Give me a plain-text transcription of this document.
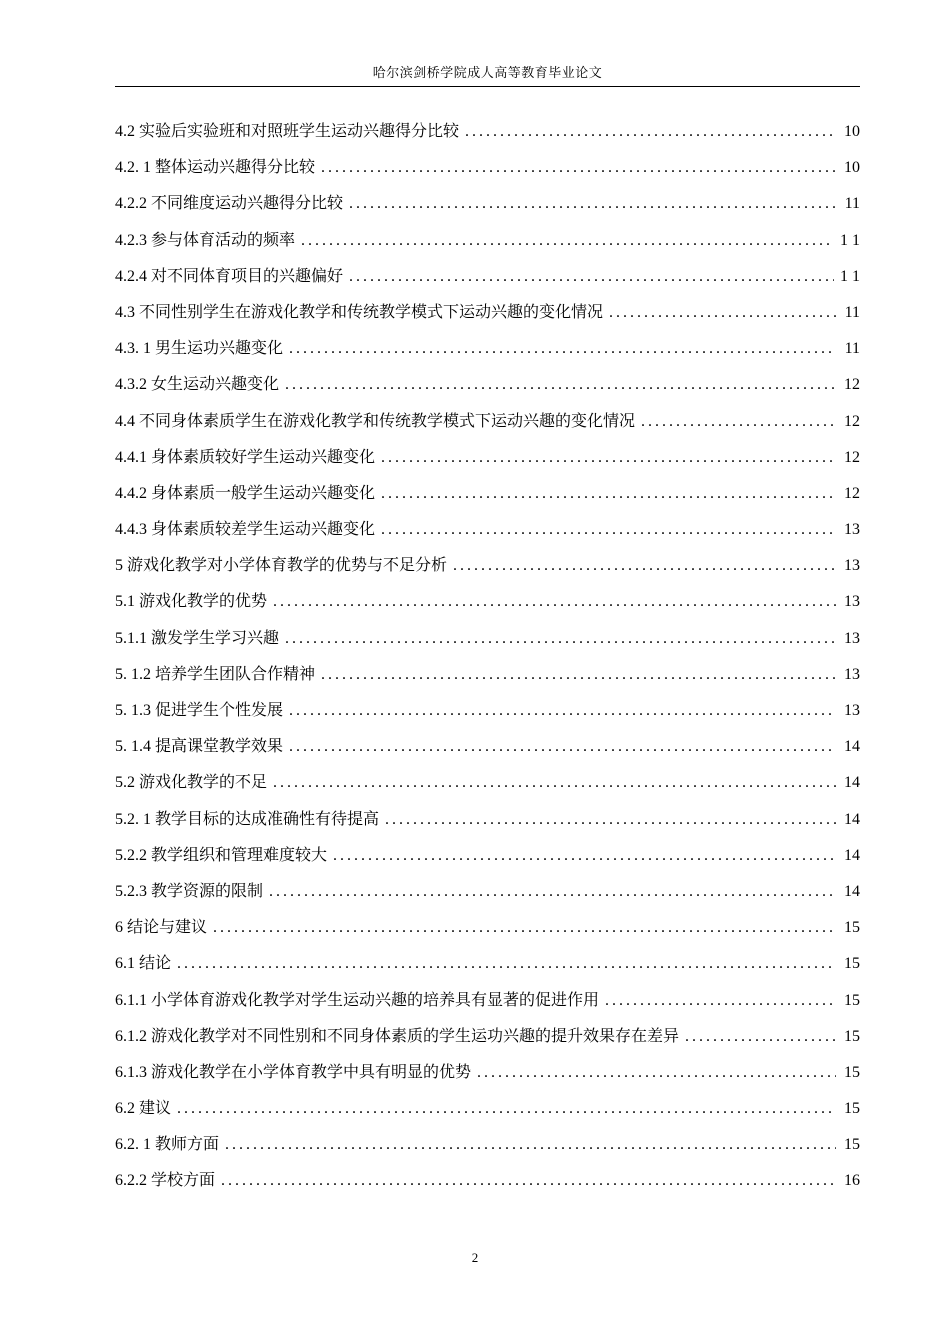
哈尔滨剑桥学院成人高等教育毕业论文
4.2 实验后实验班和对照班学生运动兴趣得分比较 .....	10
4.2. 1 整体运动兴趣得分比较 .....	10
4.2.2 不同维度运动兴趣得分比较 .....	11
4.2.3 参与体育活动的频率 .....	1 1
4.2.4 对不同体育项目的兴趣偏好 .....	1 1
4.3 不同性别学生在游戏化教学和传统教学模式下运动兴趣的变化情况 .....	11
4.3. 1 男生运功兴趣变化 .....	11
4.3.2 女生运动兴趣变化 .....	12
4.4 不同身体素质学生在游戏化教学和传统教学模式下运动兴趣的变化情况 .....	12
4.4.1 身体素质较好学生运动兴趣变化 .....	12
4.4.2 身体素质一般学生运动兴趣变化 .....	12
4.4.3 身体素质较差学生运动兴趣变化 .....	13
5 游戏化教学对小学体育教学的优势与不足分析 .....	13
5.1 游戏化教学的优势 .....	13
5.1.1 激发学生学习兴趣 .....	13
5. 1.2 培养学生团队合作精神 .....	13
5. 1.3 促进学生个性发展 .....	13
5. 1.4 提高课堂教学效果 .....	14
5.2 游戏化教学的不足 .....	14
5.2. 1 教学目标的达成准确性有待提高 .....	14
5.2.2 教学组织和管理难度较大 .....	14
5.2.3 教学资源的限制 .....	14
6 结论与建议 .....	15
6.1 结论 .....	15
6.1.1 小学体育游戏化教学对学生运动兴趣的培养具有显著的促进作用 .....	15
6.1.2 游戏化教学对不同性别和不同身体素质的学生运功兴趣的提升效果存在差异 .....	15
6.1.3 游戏化教学在小学体育教学中具有明显的优势 .....	15
6.2 建议 .....	15
6.2. 1 教师方面 .....	15
6.2.2 学校方面 .....	16
2
